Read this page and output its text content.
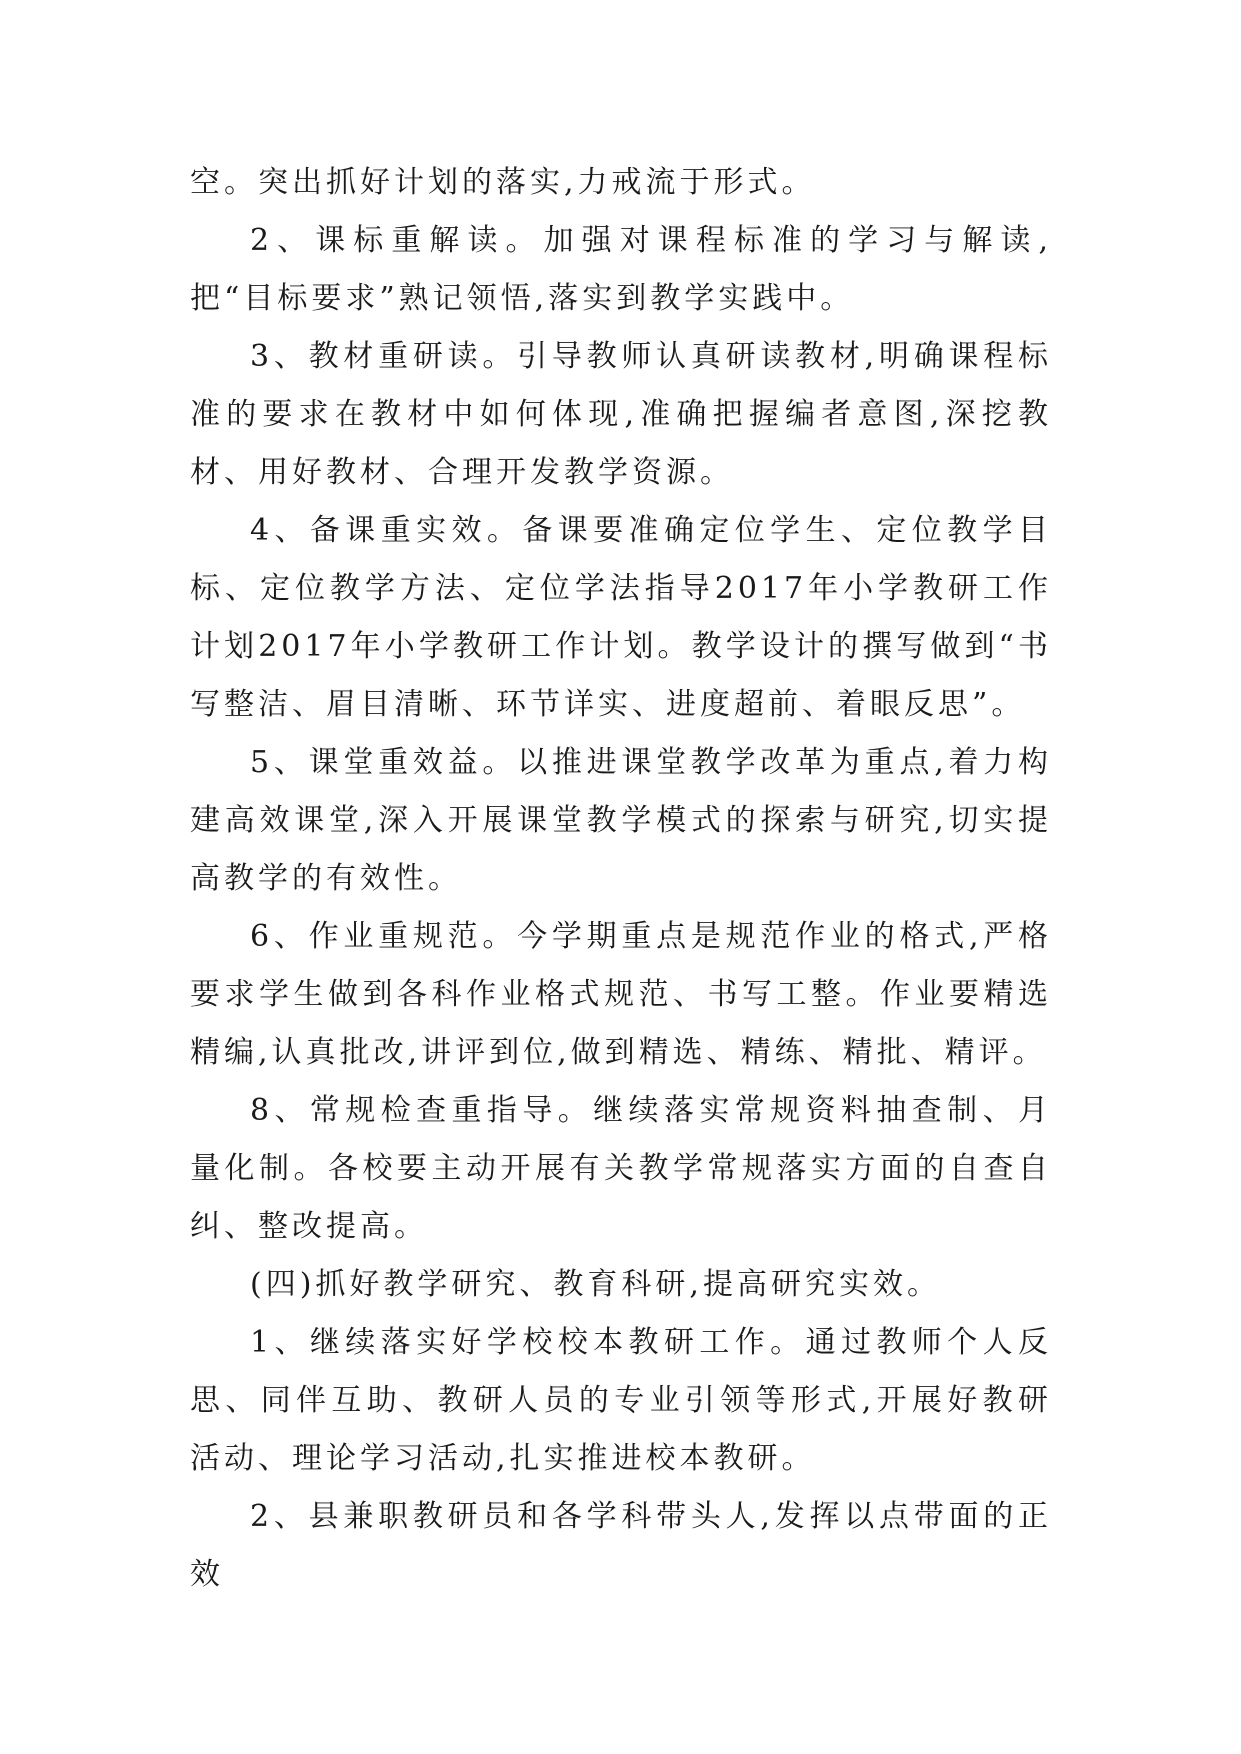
空。突出抓好计划的落实,力戒流于形式。

2、课标重解读。加强对课程标准的学习与解读,把“目标要求”熟记领悟,落实到教学实践中。

3、教材重研读。引导教师认真研读教材,明确课程标准的要求在教材中如何体现,准确把握编者意图,深挖教材、用好教材、合理开发教学资源。

4、备课重实效。备课要准确定位学生、定位教学目标、定位教学方法、定位学法指导2017年小学教研工作计划2017年小学教研工作计划。教学设计的撰写做到“书写整洁、眉目清晰、环节详实、进度超前、着眼反思”。

5、课堂重效益。以推进课堂教学改革为重点,着力构建高效课堂,深入开展课堂教学模式的探索与研究,切实提高教学的有效性。

6、作业重规范。今学期重点是规范作业的格式,严格要求学生做到各科作业格式规范、书写工整。作业要精选精编,认真批改,讲评到位,做到精选、精练、精批、精评。

8、常规检查重指导。继续落实常规资料抽查制、月量化制。各校要主动开展有关教学常规落实方面的自查自纠、整改提高。

(四)抓好教学研究、教育科研,提高研究实效。

1、继续落实好学校校本教研工作。通过教师个人反思、同伴互助、教研人员的专业引领等形式,开展好教研活动、理论学习活动,扎实推进校本教研。

2、县兼职教研员和各学科带头人,发挥以点带面的正效
